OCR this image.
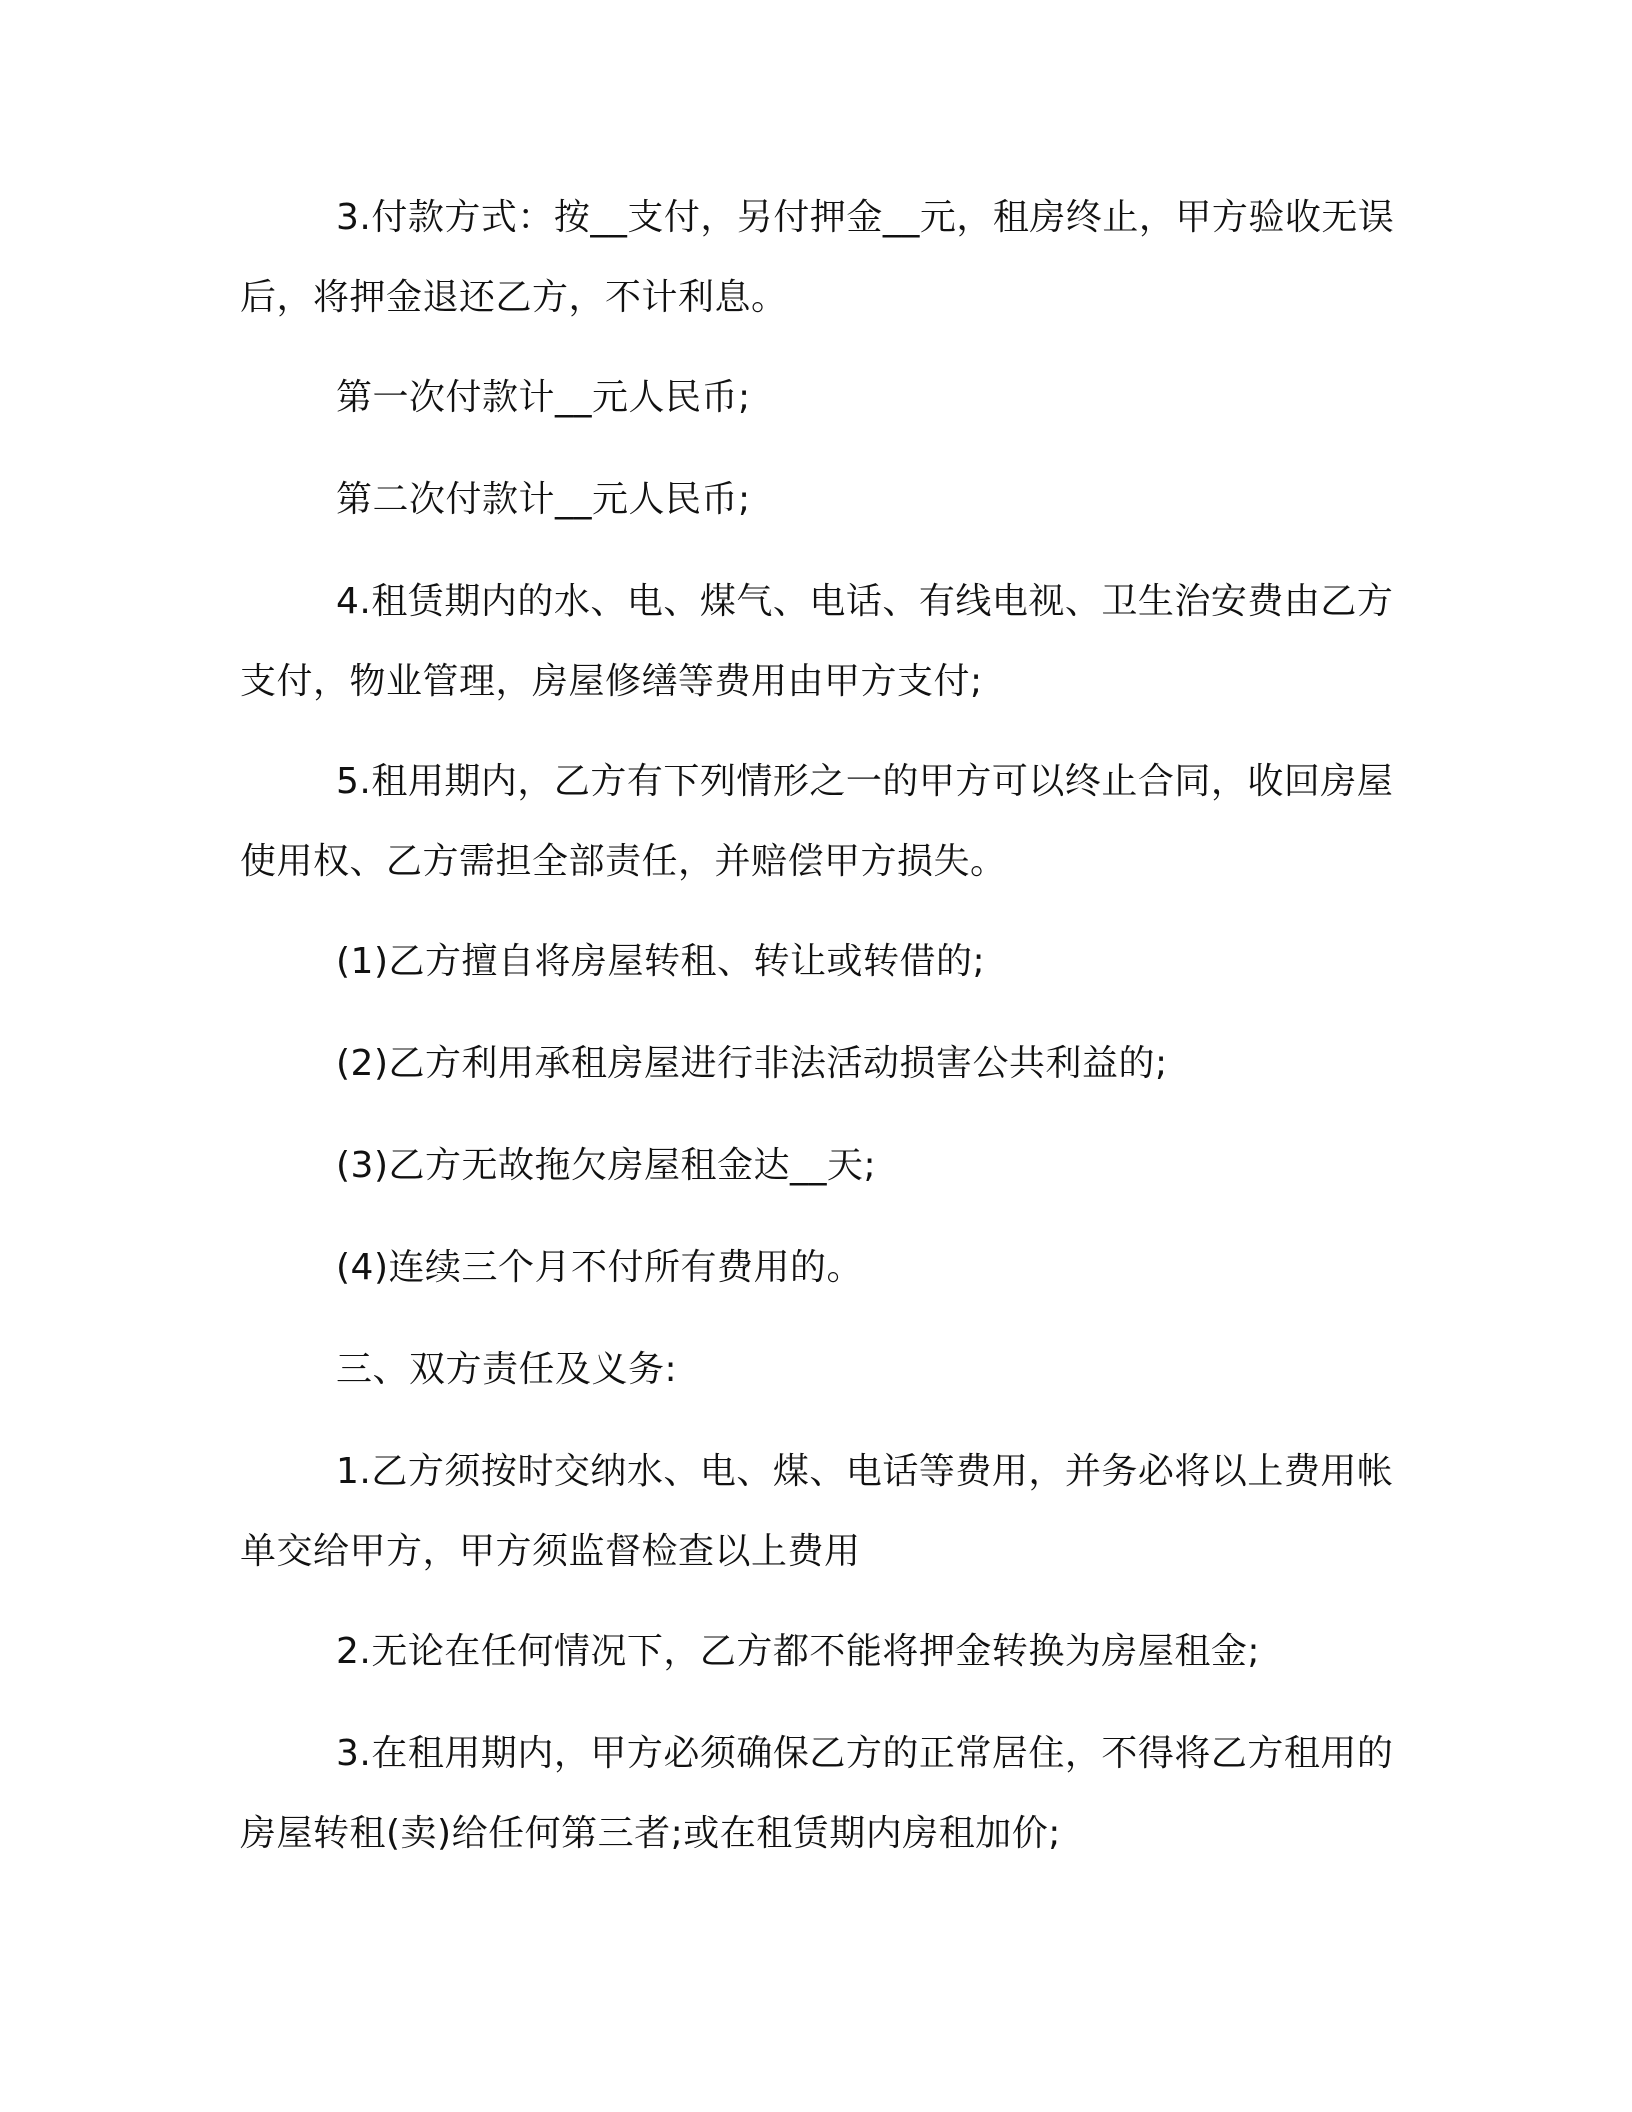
3.付款方式：按__支付，另付押金__元，租房终止，甲方验收无误后，将押金退还乙方，不计利息。

第一次付款计__元人民币;

第二次付款计__元人民币;

4.租赁期内的水、电、煤气、电话、有线电视、卫生治安费由乙方支付，物业管理，房屋修缮等费用由甲方支付;

5.租用期内，乙方有下列情形之一的甲方可以终止合同，收回房屋使用权、乙方需担全部责任，并赔偿甲方损失。

(1)乙方擅自将房屋转租、转让或转借的;

(2)乙方利用承租房屋进行非法活动损害公共利益的;

(3)乙方无故拖欠房屋租金达__天;

(4)连续三个月不付所有费用的。

三、双方责任及义务:

1.乙方须按时交纳水、电、煤、电话等费用，并务必将以上费用帐单交给甲方，甲方须监督检查以上费用

2.无论在任何情况下，乙方都不能将押金转换为房屋租金;

3.在租用期内，甲方必须确保乙方的正常居住，不得将乙方租用的房屋转租(卖)给任何第三者;或在租赁期内房租加价;
